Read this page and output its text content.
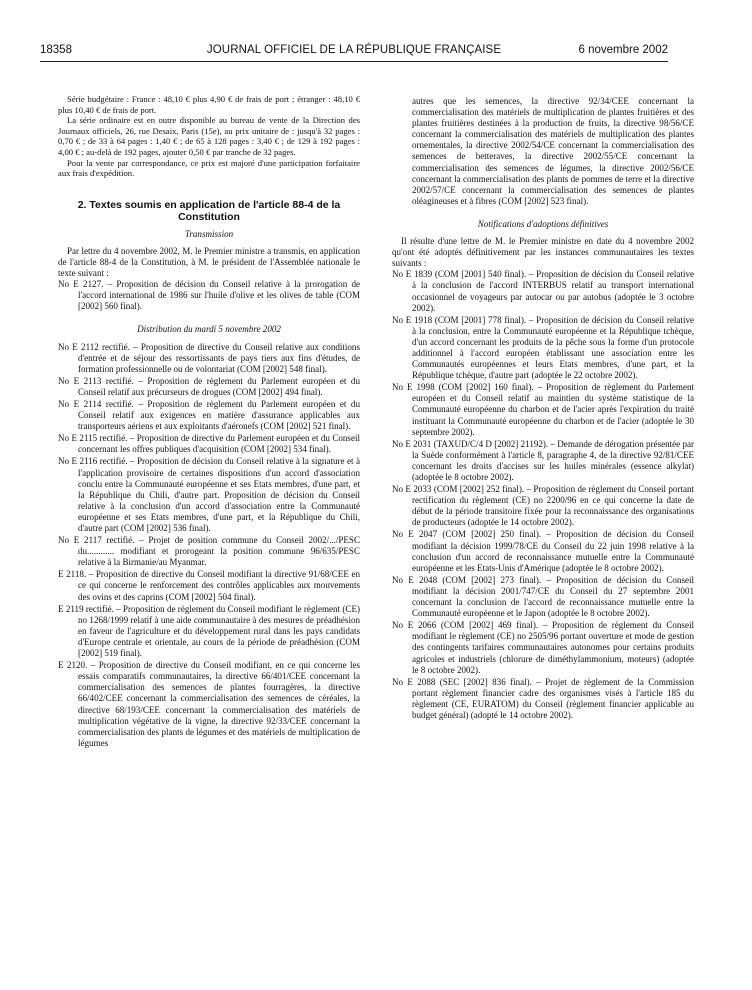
18358	JOURNAL OFFICIEL DE LA RÉPUBLIQUE FRANÇAISE	6 novembre 2002

Série budgétaire : France : 48,10 € plus 4,90 € de frais de port ; étranger : 48,10 € plus 10,40 € de frais de port.

La série ordinaire est en outre disponible au bureau de vente de la Direction des Journaux officiels, 26, rue Desaix, Paris (15e), au prix unitaire de : jusqu'à 32 pages : 0,70 € ; de 33 à 64 pages : 1,40 € ; de 65 à 128 pages : 3,40 € ; de 129 à 192 pages : 4,00 € ; au-delà de 192 pages, ajouter 0,50 € par tranche de 32 pages.

Pour la vente par correspondance, ce prix est majoré d'une participation forfaitaire aux frais d'expédition.

2. Textes soumis en application de l'article 88-4 de la Constitution
Transmission

Par lettre du 4 novembre 2002, M. le Premier ministre a transmis, en application de l'article 88-4 de la Constitution, à M. le président de l'Assemblée nationale le texte suivant :

No E 2127. – Proposition de décision du Conseil relative à la prorogation de l'accord international de 1986 sur l'huile d'olive et les olives de table (COM [2002] 560 final).
Distribution du mardi 5 novembre 2002
No E 2112 rectifié. – Proposition de directive du Conseil relative aux conditions d'entrée et de séjour des ressortissants de pays tiers aux fins d'études, de formation professionnelle ou de volontariat (COM [2002] 548 final).
No E 2113 rectifié. – Proposition de règlement du Parlement européen et du Conseil relatif aux précurseurs de drogues (COM [2002] 494 final).
No E 2114 rectifié. – Proposition de règlement du Parlement européen et du Conseil relatif aux exigences en matière d'assurance applicables aux transporteurs aériens et aux exploitants d'aéronefs (COM [2002] 521 final).
No E 2115 rectifié. – Proposition de directive du Parlement européen et du Conseil concernant les offres publiques d'acquisition (COM [2002] 534 final).
No E 2116 rectifié. – Proposition de décision du Conseil relative à la signature et à l'application provisoire de certaines dispositions d'un accord d'association conclu entre la Communauté européenne et ses Etats membres, d'une part, et la République du Chili, d'autre part. Proposition de décision du Conseil relative à la conclusion d'un accord d'association entre la Communauté européenne et ses Etats membres, d'une part, et la République du Chili, d'autre part (COM [2002] 536 final).
No E 2117 rectifié. – Projet de position commune du Conseil 2002/.../PESC du............ modifiant et prorogeant la position commune 96/635/PESC relative à la Birmanie/au Myanmar.
E 2118. – Proposition de directive du Conseil modifiant la directive 91/68/CEE en ce qui concerne le renforcement des contrôles applicables aux mouvements des ovins et des caprins (COM [2002] 504 final).
E 2119 rectifié. – Proposition de règlement du Conseil modifiant le règlement (CE) no 1268/1999 relatif à une aide communautaire à des mesures de préadhésion en faveur de l'agriculture et du développement rural dans les pays candidats d'Europe centrale et orientale, au cours de la période de préadhésion (COM [2002] 519 final).
E 2120. – Proposition de directive du Conseil modifiant, en ce qui concerne les essais comparatifs communautaires, la directive 66/401/CEE concernant la commercialisation des semences de plantes fourragères, la directive 66/402/CEE concernant la commercialisation des semences de céréales, la directive 68/193/CEE concernant la commercialisation des matériels de multiplication végétative de la vigne, la directive 92/33/CEE concernant la commercialisation des plants de légumes et des matériels de multiplication de légumes

autres que les semences, la directive 92/34/CEE concernant la commercialisation des matériels de multiplication de plantes fruitières et des plantes fruitières destinées à la production de fruits, la directive 98/56/CE concernant la commercialisation des matériels de multiplication des plantes ornementales, la directive 2002/54/CE concernant la commercialisation des semences de betteraves, la directive 2002/55/CE concernant la commercialisation des semences de légumes, la directive 2002/56/CE concernant la commercialisation des plants de pommes de terre et la directive 2002/57/CE concernant la commercialisation des semences de plantes oléagineuses et à fibres (COM [2002] 523 final).

Notifications d'adoptions définitives

Il résulte d'une lettre de M. le Premier ministre en date du 4 novembre 2002 qu'ont été adoptés définitivement par les instances communautaires les textes suivants :

No E 1839 (COM [2001] 540 final). – Proposition de décision du Conseil relative à la conclusion de l'accord INTERBUS relatif au transport international occasionnel de voyageurs par autocar ou par autobus (adoptée le 3 octobre 2002).
No E 1918 (COM [2001] 778 final). – Proposition de décision du Conseil relative à la conclusion, entre la Communauté européenne et la République tchèque, d'un accord concernant les produits de la pêche sous la forme d'un protocole additionnel à l'accord européen établissant une association entre les Communautés européennes et leurs Etats membres, d'une part, et la République tchèque, d'autre part (adoptée le 22 octobre 2002).
No E 1998 (COM [2002] 160 final). – Proposition de règlement du Parlement européen et du Conseil relatif au maintien du système statistique de la Communauté européenne du charbon et de l'acier après l'expiration du traité instituant la Communauté européenne du charbon et de l'acier (adoptée le 30 septembre 2002).
No E 2031 (TAXUD/C/4 D [2002] 21192). – Demande de dérogation présentée par la Suède conformément à l'article 8, paragraphe 4, de la directive 92/81/CEE concernant les droits d'accises sur les huiles minérales (essence alkylat) (adoptée le 8 octobre 2002).
No E 2033 (COM [2002] 252 final). – Proposition de règlement du Conseil portant rectification du règlement (CE) no 2200/96 en ce qui concerne la date de début de la période transitoire fixée pour la reconnaissance des organisations de producteurs (adoptée le 14 octobre 2002).
No E 2047 (COM [2002] 250 final). – Proposition de décision du Conseil modifiant la décision 1999/78/CE du Conseil du 22 juin 1998 relative à la conclusion d'un accord de reconnaissance mutuelle entre la Communauté européenne et les Etats-Unis d'Amérique (adoptée le 8 octobre 2002).
No E 2048 (COM [2002] 273 final). – Proposition de décision du Conseil modifiant la décision 2001/747/CE du Conseil du 27 septembre 2001 concernant la conclusion de l'accord de reconnaissance mutuelle entre la Communauté européenne et le Japon (adoptée le 8 octobre 2002).
No E 2066 (COM [2002] 469 final). – Proposition de règlement du Conseil modifiant le règlement (CE) no 2505/96 portant ouverture et mode de gestion des contingents tarifaires communautaires autonomes pour certains produits agricoles et industriels (chlorure de diméthylammonium, moteurs) (adoptée le 8 octobre 2002).
No E 2088 (SEC [2002] 836 final). – Projet de règlement de la Commission portant règlement financier cadre des organismes visés à l'article 185 du règlement (CE, EURATOM) du Conseil (règlement financier applicable au budget général) (adopté le 14 octobre 2002).
